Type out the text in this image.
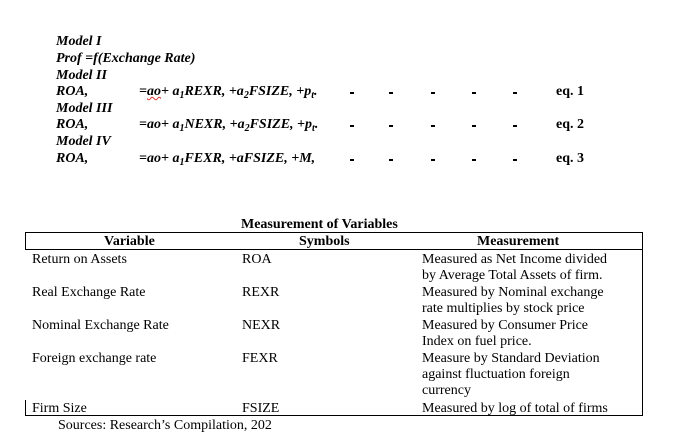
Model I
Prof =f(Exchange Rate)
Model II
ROA,	$=ao+ a_1REXR$, $+a_2FSIZE$, $+p_t$.	eq. 1
Model III
ROA,	$=ao+ a_1NEXR$, $+a_2FSIZE$, $+p_t$.	eq. 2
Model IV
ROA,	$=ao+ a_1FEXR$, +aFSIZE, +M,	eq. 3
Measurement of Variables
Variable	Symbols	Measurement
Return on Assets	ROA	Measured as Net Income divided
by Average Total Assets of firm.
Real Exchange Rate	REXR	Measured by Nominal exchange
rate multiplies by stock price
Nominal Exchange Rate	NEXR	Measured by Consumer Price
Index on fuel price.
Foreign exchange rate	FEXR	Measure by Standard Deviation
against fluctuation foreign
currency
Firm Size	FSIZE	Measured by log of total of firms
Sources: Research’s Compilation, 202
